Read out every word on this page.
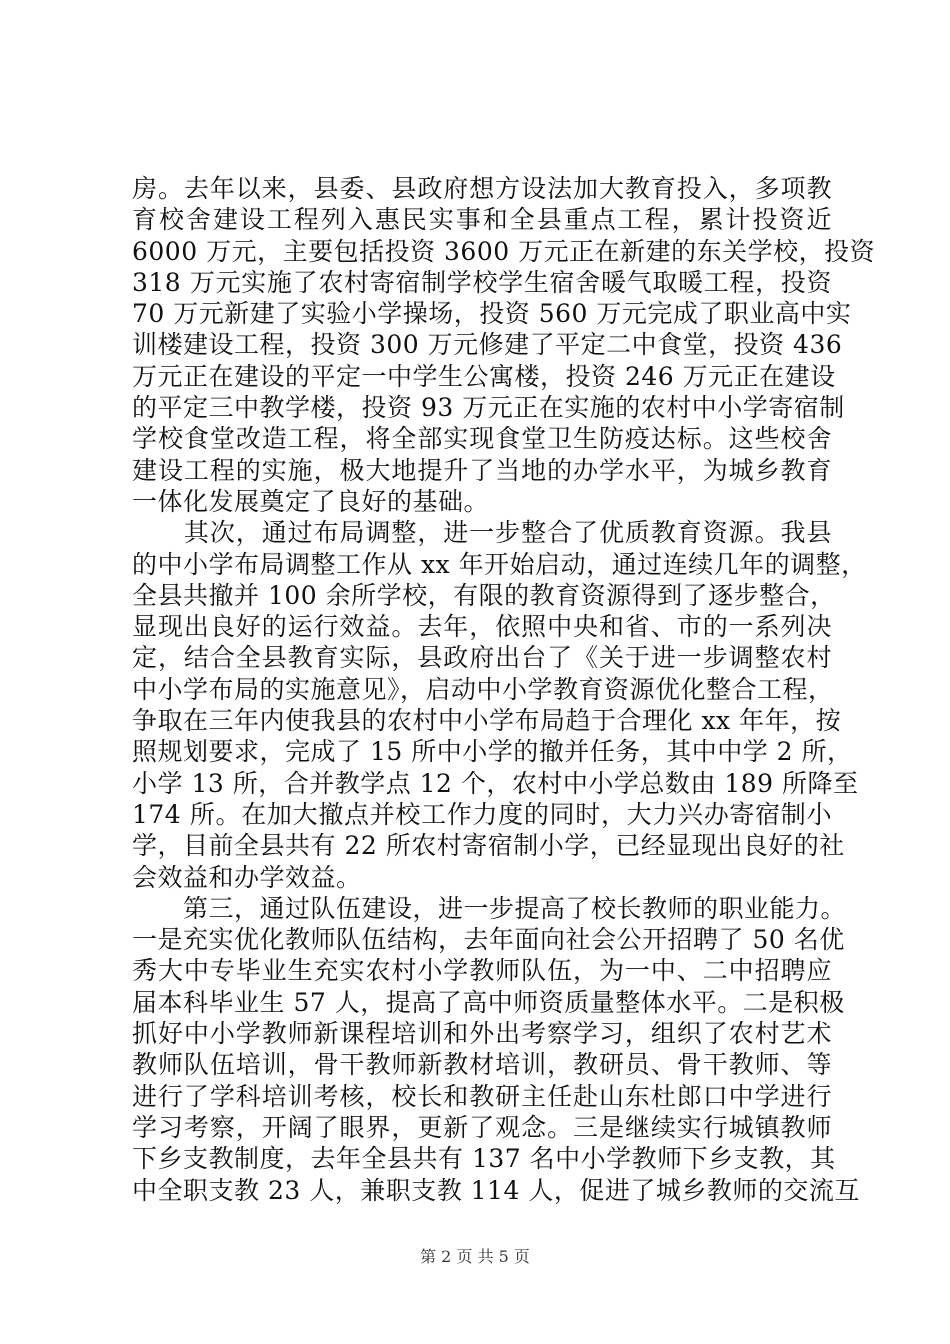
房。去年以来，县委、县政府想方设法加大教育投入，多项教
育校舍建设工程列入惠民实事和全县重点工程，累计投资近
6000 万元，主要包括投资 3600 万元正在新建的东关学校，投资
318 万元实施了农村寄宿制学校学生宿舍暖气取暖工程，投资
70 万元新建了实验小学操场，投资 560 万元完成了职业高中实
训楼建设工程，投资 300 万元修建了平定二中食堂，投资 436
万元正在建设的平定一中学生公寓楼，投资 246 万元正在建设
的平定三中教学楼，投资 93 万元正在实施的农村中小学寄宿制
学校食堂改造工程，将全部实现食堂卫生防疫达标。这些校舍
建设工程的实施，极大地提升了当地的办学水平，为城乡教育
一体化发展奠定了良好的基础。
　　其次，通过布局调整，进一步整合了优质教育资源。我县
的中小学布局调整工作从 xx 年开始启动，通过连续几年的调整，
全县共撤并 100 余所学校，有限的教育资源得到了逐步整合，
显现出良好的运行效益。去年，依照中央和省、市的一系列决
定，结合全县教育实际，县政府出台了《关于进一步调整农村
中小学布局的实施意见》，启动中小学教育资源优化整合工程，
争取在三年内使我县的农村中小学布局趋于合理化 xx 年年，按
照规划要求，完成了 15 所中小学的撤并任务，其中中学 2 所，
小学 13 所，合并教学点 12 个，农村中小学总数由 189 所降至
174 所。在加大撤点并校工作力度的同时，大力兴办寄宿制小
学，目前全县共有 22 所农村寄宿制小学，已经显现出良好的社
会效益和办学效益。
　　第三，通过队伍建设，进一步提高了校长教师的职业能力。
一是充实优化教师队伍结构，去年面向社会公开招聘了 50 名优
秀大中专毕业生充实农村小学教师队伍，为一中、二中招聘应
届本科毕业生 57 人，提高了高中师资质量整体水平。二是积极
抓好中小学教师新课程培训和外出考察学习，组织了农村艺术
教师队伍培训，骨干教师新教材培训，教研员、骨干教师、等
进行了学科培训考核，校长和教研主任赴山东杜郎口中学进行
学习考察，开阔了眼界，更新了观念。三是继续实行城镇教师
下乡支教制度，去年全县共有 137 名中小学教师下乡支教，其
中全职支教 23 人，兼职支教 114 人，促进了城乡教师的交流互
第 2 页 共 5 页
